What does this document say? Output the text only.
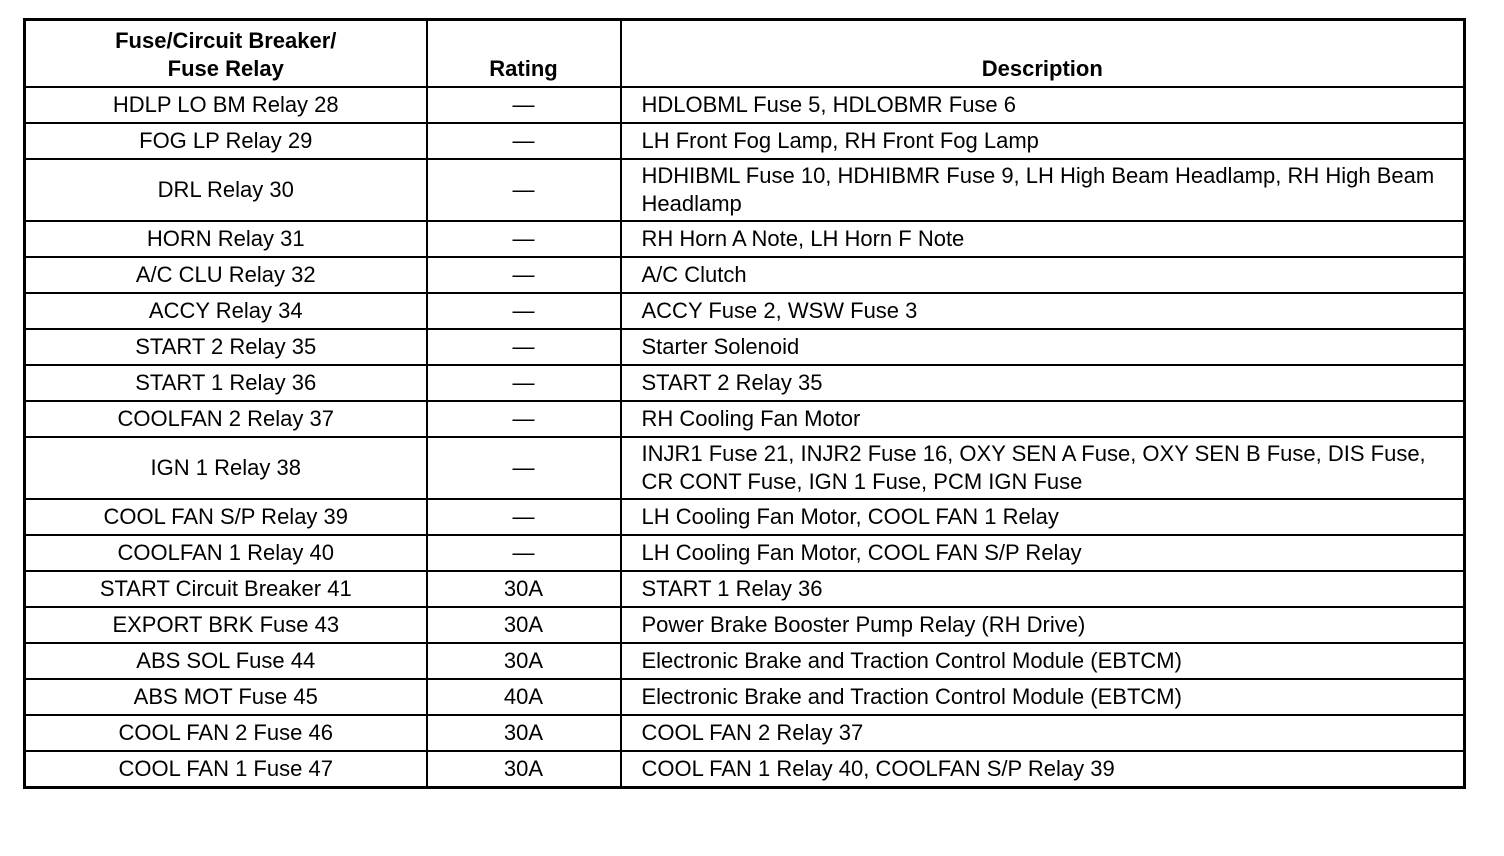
Fuse/Circuit Breaker/
Fuse Relay	Rating	Description
HDLP LO BM Relay 28	—	HDLOBML Fuse 5, HDLOBMR Fuse 6
FOG LP Relay 29	—	LH Front Fog Lamp, RH Front Fog Lamp
DRL Relay 30	—	HDHIBML Fuse 10, HDHIBMR Fuse 9, LH High Beam Headlamp, RH High Beam Headlamp
HORN Relay 31	—	RH Horn A Note, LH Horn F Note
A/C CLU Relay 32	—	A/C Clutch
ACCY Relay 34	—	ACCY Fuse 2, WSW Fuse 3
START 2 Relay 35	—	Starter Solenoid
START 1 Relay 36	—	START 2 Relay 35
COOLFAN 2 Relay 37	—	RH Cooling Fan Motor
IGN 1 Relay 38	—	INJR1 Fuse 21, INJR2 Fuse 16, OXY SEN A Fuse, OXY SEN B Fuse, DIS Fuse, CR CONT Fuse, IGN 1 Fuse, PCM IGN Fuse
COOL FAN S/P Relay 39	—	LH Cooling Fan Motor, COOL FAN 1 Relay
COOLFAN 1 Relay 40	—	LH Cooling Fan Motor, COOL FAN S/P Relay
START Circuit Breaker 41	30A	START 1 Relay 36
EXPORT BRK Fuse 43	30A	Power Brake Booster Pump Relay (RH Drive)
ABS SOL Fuse 44	30A	Electronic Brake and Traction Control Module (EBTCM)
ABS MOT Fuse 45	40A	Electronic Brake and Traction Control Module (EBTCM)
COOL FAN 2 Fuse 46	30A	COOL FAN 2 Relay 37
COOL FAN 1 Fuse 47	30A	COOL FAN 1 Relay 40, COOLFAN S/P Relay 39
